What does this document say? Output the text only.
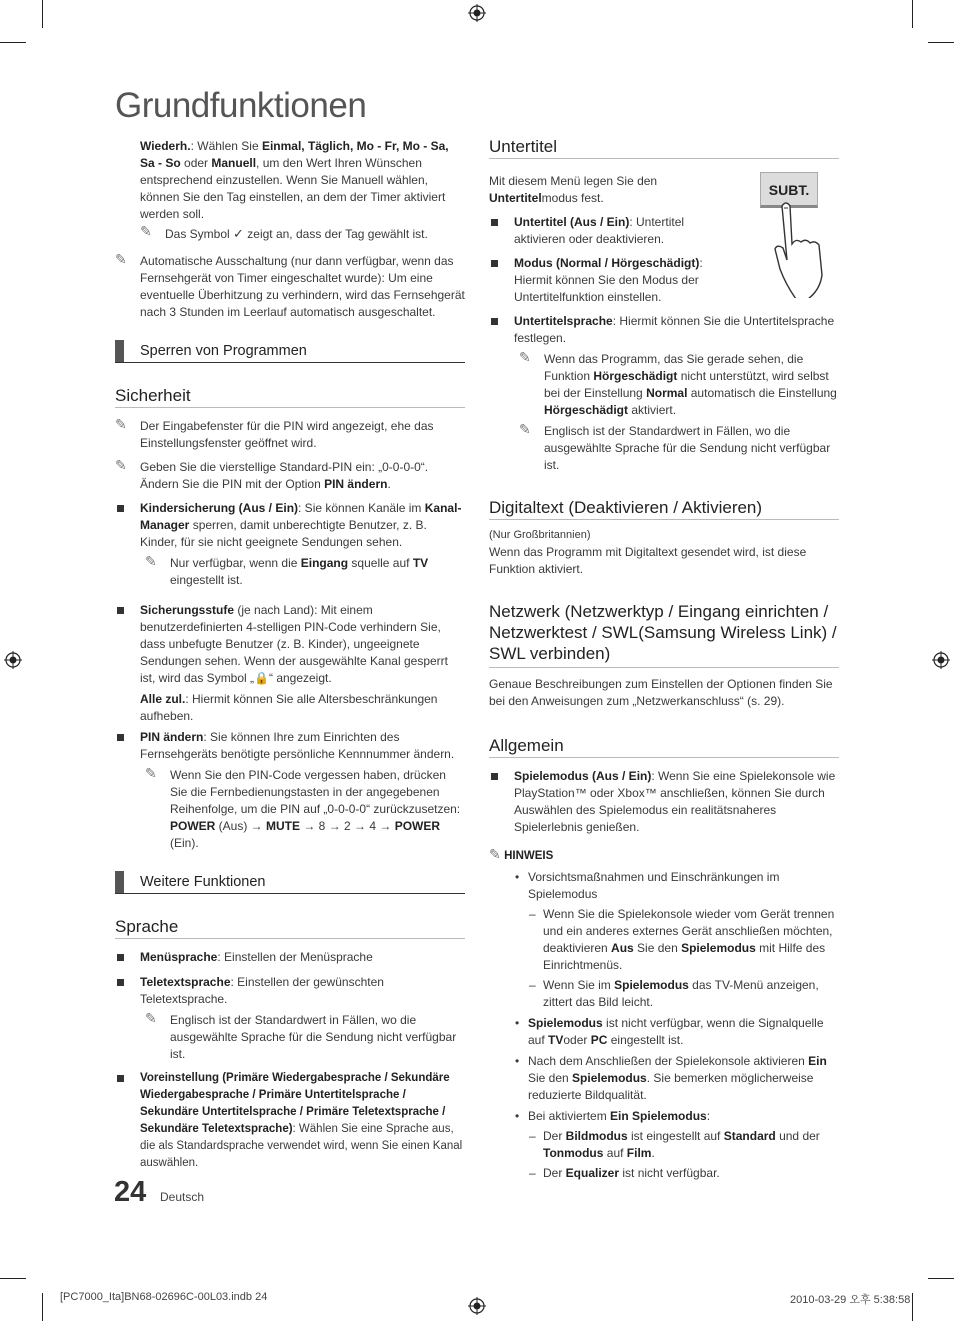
Grundfunktionen

Wiederh.: Wählen Sie Einmal, Täglich, Mo - Fr, Mo - Sa, Sa - So oder Manuell, um den Wert Ihren Wünschen entsprechend einzustellen. Wenn Sie Manuell wählen, können Sie den Tag einstellen, an dem der Timer aktiviert werden soll.

✎ Das Symbol ✓ zeigt an, dass der Tag gewählt ist.
✎ Automatische Ausschaltung (nur dann verfügbar, wenn das Fernsehgerät von Timer eingeschaltet wurde): Um eine eventuelle Überhitzung zu verhindern, wird das Fernsehgerät nach 3 Stunden im Leerlauf automatisch ausgeschaltet.
Sperren von Programmen
Sicherheit
✎ Der Eingabefenster für die PIN wird angezeigt, ehe das Einstellungsfenster geöffnet wird.
✎ Geben Sie die vierstellige Standard-PIN ein: „0-0-0-0“. Ändern Sie die PIN mit der Option PIN ändern.
Kindersicherung (Aus / Ein): Sie können Kanäle im Kanal-Manager sperren, damit unberechtigte Benutzer, z. B. Kinder, für sie nicht geeignete Sendungen sehen.
✎ Nur verfügbar, wenn die Eingang squelle auf TV eingestellt ist.
Sicherungsstufe (je nach Land): Mit einem benutzerdefinierten 4-stelligen PIN-Code verhindern Sie, dass unbefugte Benutzer (z. B. Kinder), ungeeignete Sendungen sehen. Wenn der ausgewählte Kanal gesperrt ist, wird das Symbol „🔒“ angezeigt.

Alle zul.: Hiermit können Sie alle Altersbeschränkungen aufheben.

PIN ändern: Sie können Ihre zum Einrichten des Fernsehgeräts benötigte persönliche Kennnummer ändern.
✎ Wenn Sie den PIN-Code vergessen haben, drücken Sie die Fernbedienungstasten in der angegebenen Reihenfolge, um die PIN auf „0-0-0-0“ zurückzusetzen: POWER (Aus) → MUTE → 8 → 2 → 4 → POWER (Ein).
Weitere Funktionen
Sprache
Menüsprache: Einstellen der Menüsprache
Teletextsprache: Einstellen der gewünschten Teletextsprache.
✎ Englisch ist der Standardwert in Fällen, wo die ausgewählte Sprache für die Sendung nicht verfügbar ist.
Voreinstellung (Primäre Wiedergabesprache / Sekundäre Wiedergabesprache / Primäre Untertitelsprache / Sekundäre Untertitelsprache / Primäre Teletextsprache / Sekundäre Teletextsprache): Wählen Sie eine Sprache aus, die als Standardsprache verwendet wird, wenn Sie einen Kanal auswählen.
Untertitel
SUBT.

Mit diesem Menü legen Sie den Untertitelmodus fest.

Untertitel (Aus / Ein): Untertitel aktivieren oder deaktivieren.
Modus (Normal / Hörgeschädigt): Hiermit können Sie den Modus der Untertitelfunktion einstellen.
Untertitelsprache: Hiermit können Sie die Untertitelsprache festlegen.
✎ Wenn das Programm, das Sie gerade sehen, die Funktion Hörgeschädigt nicht unterstützt, wird selbst bei der Einstellung Normal automatisch die Einstellung Hörgeschädigt aktiviert.
✎ Englisch ist der Standardwert in Fällen, wo die ausgewählte Sprache für die Sendung nicht verfügbar ist.
Digitaltext (Deaktivieren / Aktivieren)

(Nur Großbritannien)

Wenn das Programm mit Digitaltext gesendet wird, ist diese Funktion aktiviert.

Netzwerk (Netzwerktyp / Eingang einrichten / Netzwerktest / SWL(Samsung Wireless Link) / SWL verbinden)

Genaue Beschreibungen zum Einstellen der Optionen finden Sie bei den Anweisungen zum „Netzwerkanschluss“ (s. 29).

Allgemein
Spielemodus (Aus / Ein): Wenn Sie eine Spielekonsole wie PlayStation™ oder Xbox™ anschließen, können Sie durch Auswählen des Spielemodus ein realitätsnaheres Spielerlebnis genießen.
✎ HINWEIS
• Vorsichtsmaßnahmen und Einschränkungen im Spielemodus
– Wenn Sie die Spielekonsole wieder vom Gerät trennen und ein anderes externes Gerät anschließen möchten, deaktivieren Aus Sie den Spielemodus mit Hilfe des Einrichtmenüs.
– Wenn Sie im Spielemodus das TV-Menü anzeigen, zittert das Bild leicht.
• Spielemodus ist nicht verfügbar, wenn die Signalquelle auf TVoder PC eingestellt ist.
• Nach dem Anschließen der Spielekonsole aktivieren Ein Sie den Spielemodus. Sie bemerken möglicherweise reduzierte Bildqualität.
• Bei aktiviertem Ein Spielemodus:
– Der Bildmodus ist eingestellt auf Standard und der Tonmodus auf Film.
– Der Equalizer ist nicht verfügbar.
24 Deutsch
[PC7000_Ita]BN68-02696C-00L03.indb 24	2010-03-29 오후 5:38:58
